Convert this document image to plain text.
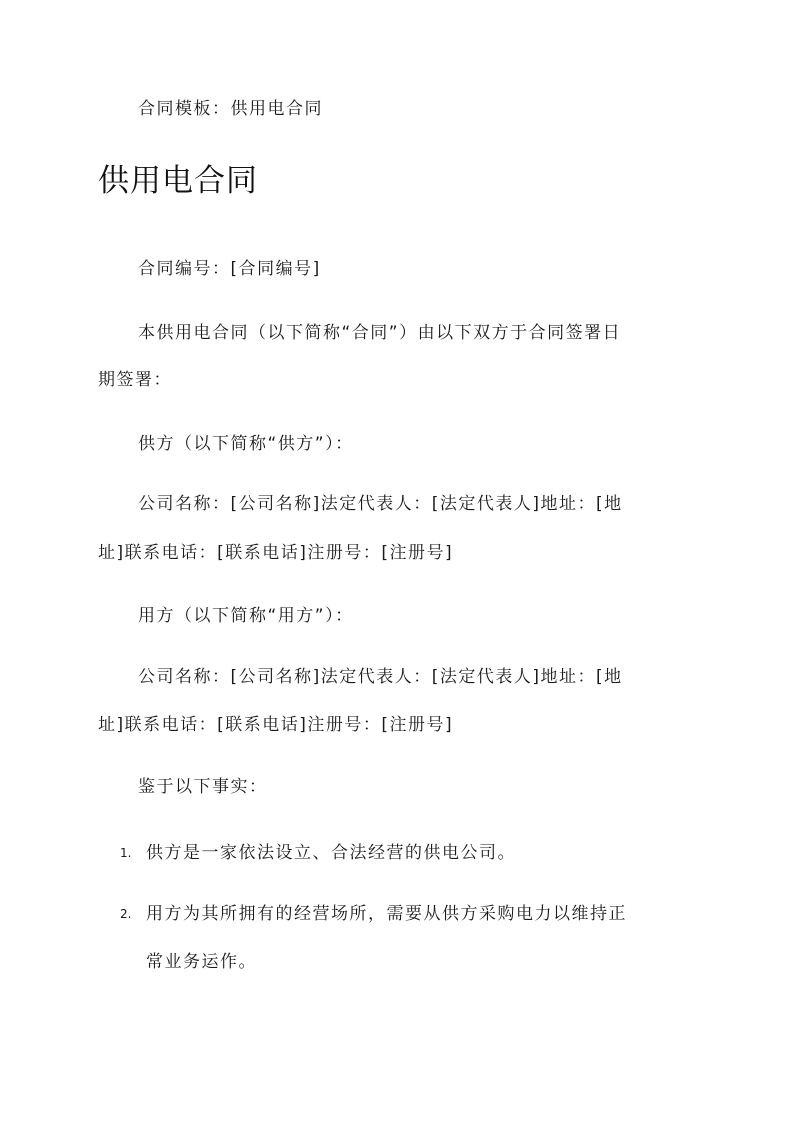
合同模板：供用电合同
供用电合同
合同编号：[合同编号]
本供用电合同（以下简称“合同”）由以下双方于合同签署日
期签署：
供方（以下简称“供方”）：
公司名称：[公司名称]法定代表人：[法定代表人]地址：[地
址]联系电话：[联系电话]注册号：[注册号]
用方（以下简称“用方”）：
公司名称：[公司名称]法定代表人：[法定代表人]地址：[地
址]联系电话：[联系电话]注册号：[注册号]
鉴于以下事实：
1. 供方是一家依法设立、合法经营的供电公司。
2. 用方为其所拥有的经营场所，需要从供方采购电力以维持正
常业务运作。
